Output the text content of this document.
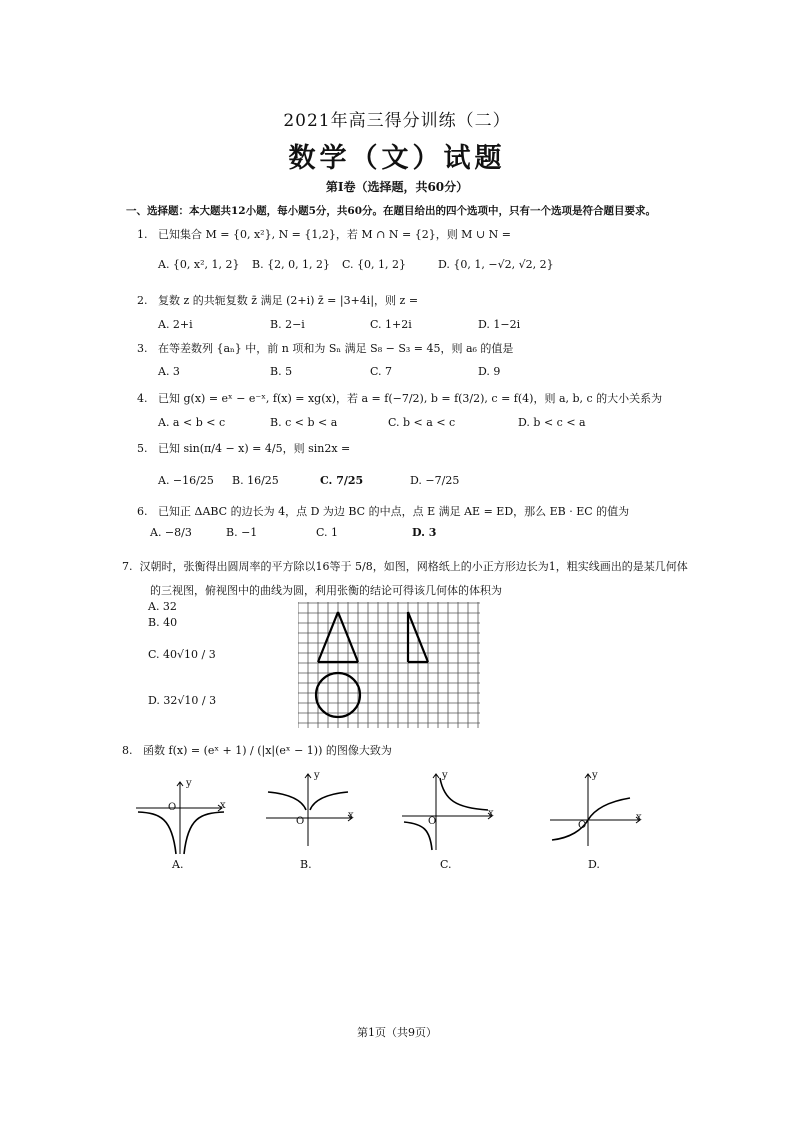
2021年高三得分训练（二）
数学（文）试题
第Ⅰ卷（选择题，共60分）
一、选择题：本大题共12小题，每小题5分，共60分。在题目给出的四个选项中，只有一个选项是符合题目要求。
1. 已知集合 M = {0, x²}, N = {1,2}，若 M ∩ N = {2}，则 M ∪ N =
A. {0, x², 1, 2} B. {2, 0, 1, 2} C. {0, 1, 2}	D. {0, 1, −√2, √2, 2}
2. 复数 z 的共轭复数 z̄ 满足 (2+i) z̄ = |3+4i|，则 z =
A. 2+i	B. 2−i	C. 1+2i	D. 1−2i
3. 在等差数列 {aₙ} 中，前 n 项和为 Sₙ 满足 S₈ − S₃ = 45，则 a₆ 的值是
A. 3	B. 5	C. 7	D. 9
4. 已知 g(x) = eˣ − e⁻ˣ, f(x) = xg(x)，若 a = f(−7/2), b = f(3/2), c = f(4)，则 a, b, c 的大小关系为
A. a < b < c	B. c < b < a	C. b < a < c	D. b < c < a
5. 已知 sin(π/4 − x) = 4/5，则 sin2x =
A. −16/25 B. 16/25	C. 7/25	D. −7/25
6. 已知正 ΔABC 的边长为 4，点 D 为边 BC 的中点，点 E 满足 AE = ED，那么 EB · EC 的值为
A. −8/3	B. −1	C. 1	D. 3
7. 汉朝时，张衡得出圆周率的平方除以16等于 5/8，如图，网格纸上的小正方形边长为1，粗实线画出的是某几何体
的三视图，俯视图中的曲线为圆，利用张衡的结论可得该几何体的体积为
A. 32
B. 40
C. 40√10 / 3
D. 32√10 / 3
8. 函数 f(x) = (eˣ + 1) / (|x|(eˣ − 1)) 的图像大致为
y
x
O
A.
y
x
O
B.
y
x
O
C.
y
x
O
D.
第1页（共9页）
